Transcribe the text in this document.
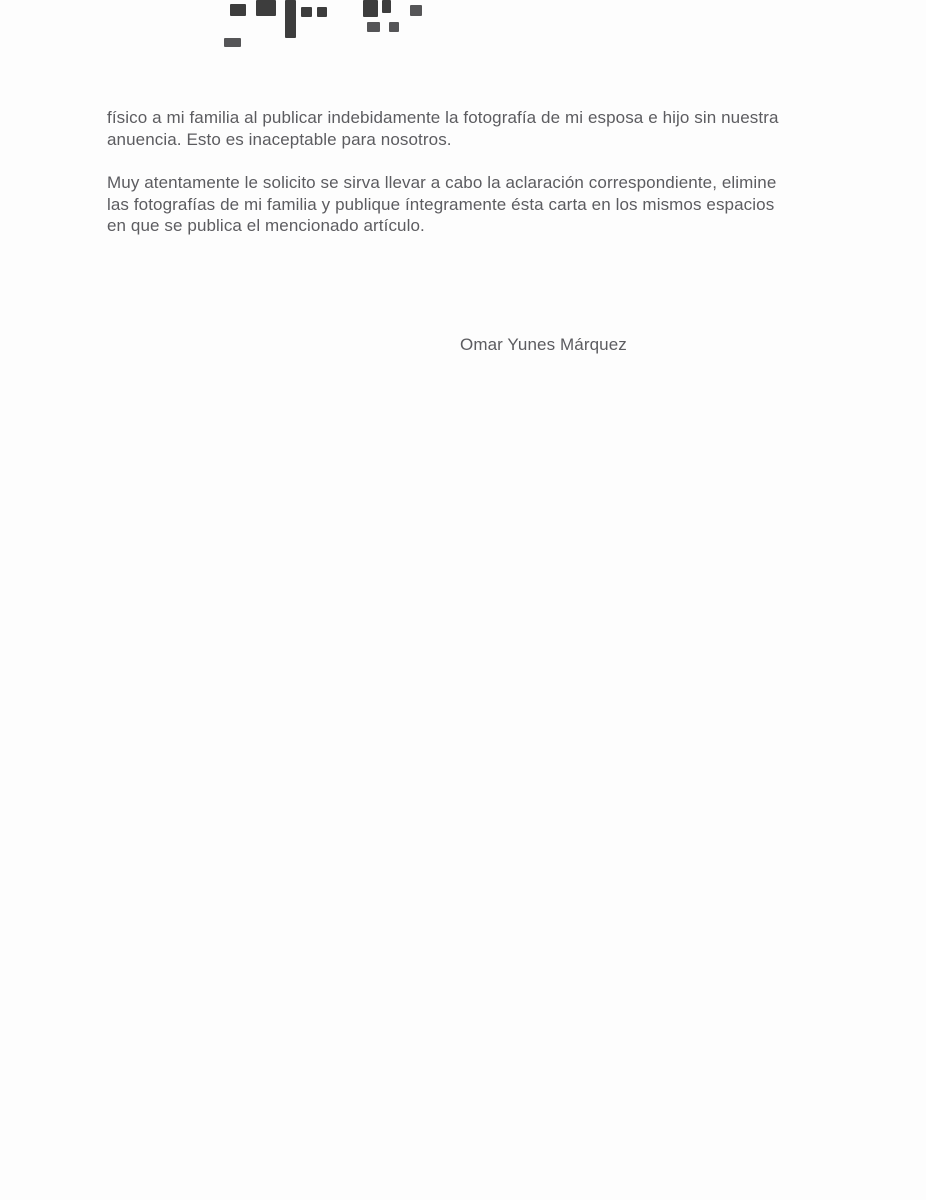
físico a mi familia al publicar indebidamente la fotografía de mi esposa e hijo sin nuestra
anuencia. Esto es inaceptable para nosotros.

Muy atentamente le solicito se sirva llevar a cabo la aclaración correspondiente, elimine
las fotografías de mi familia y publique íntegramente ésta carta en los mismos espacios
en que se publica el mencionado artículo.

Omar Yunes Márquez
